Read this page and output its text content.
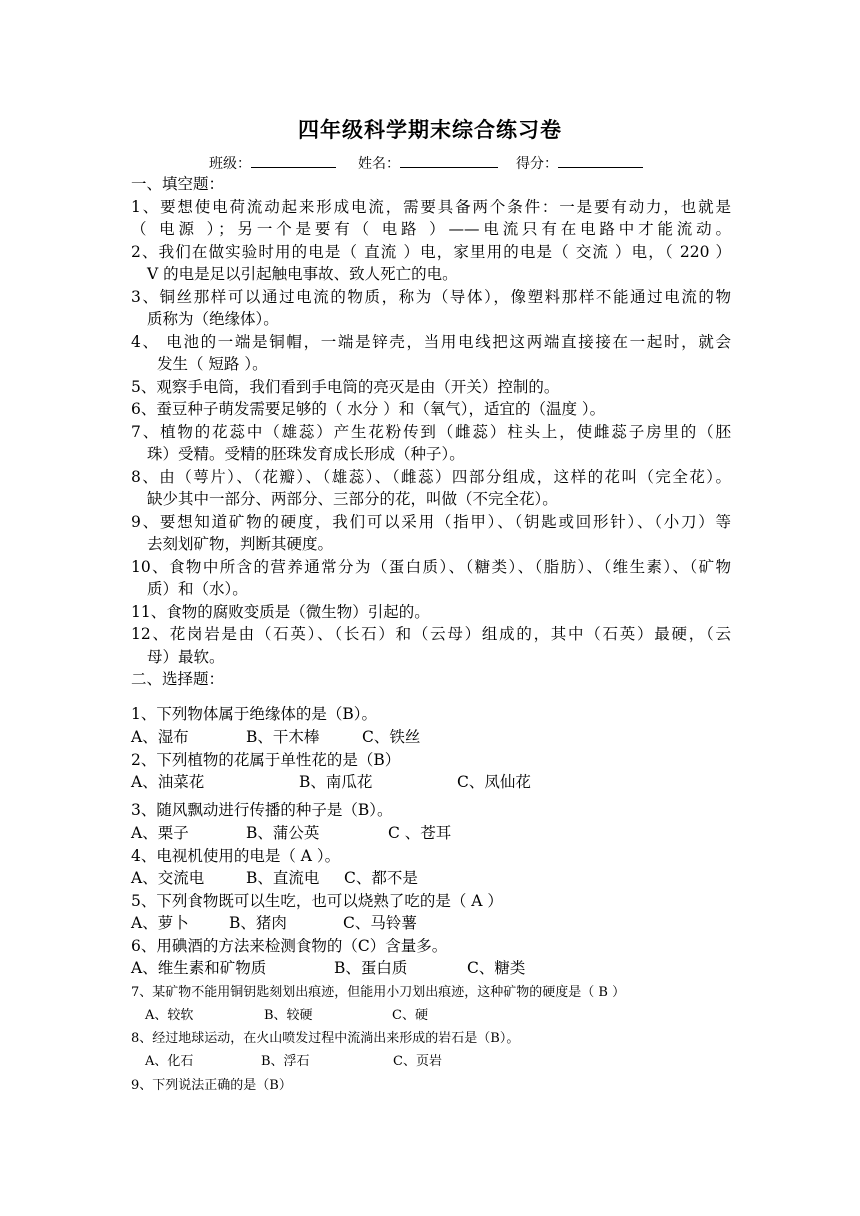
四年级科学期末综合练习卷
班级：	姓名：	得分：
一、填空题：
1、要想使电荷流动起来形成电流，需要具备两个条件：一是要有动力，也就是
（ 电源 ）；另一个是要有（ 电路 ）——电流只有在电路中才能流动。
2、我们在做实验时用的电是（ 直流 ）电，家里用的电是（ 交流 ）电，（ 220 ）
V 的电是足以引起触电事故、致人死亡的电。
3、铜丝那样可以通过电流的物质，称为（导体），像塑料那样不能通过电流的物
质称为（绝缘体）。
4、 电池的一端是铜帽，一端是锌壳，当用电线把这两端直接接在一起时，就会
发生（ 短路 ）。
5、观察手电筒，我们看到手电筒的亮灭是由（开关）控制的。
6、蚕豆种子萌发需要足够的（ 水分 ）和（氧气），适宜的（温度 ）。
7、植物的花蕊中（雄蕊）产生花粉传到（雌蕊）柱头上，使雌蕊子房里的（胚
珠）受精。受精的胚珠发育成长形成（种子）。
8、由（萼片）、（花瓣）、（雄蕊）、（雌蕊）四部分组成，这样的花叫（完全花）。
缺少其中一部分、两部分、三部分的花，叫做（不完全花）。
9、要想知道矿物的硬度，我们可以采用（指甲）、（钥匙或回形针）、（小刀）等
去刻划矿物，判断其硬度。
10、食物中所含的营养通常分为（蛋白质）、（糖类）、（脂肪）、（维生素）、（矿物
质）和（水）。
11、食物的腐败变质是（微生物）引起的。
12、花岗岩是由（石英）、（长石）和（云母）组成的，其中（石英）最硬，（云
母）最软。
二、选择题：
1、下列物体属于绝缘体的是（B）。
A、湿布	B、干木棒	C、铁丝
2、下列植物的花属于单性花的是（B）
A、油菜花	B、南瓜花	C、凤仙花
3、随风飘动进行传播的种子是（B）。
A、栗子	B、蒲公英	C 、苍耳
4、电视机使用的电是（ A ）。
A、交流电	B、直流电 C、都不是
5、下列食物既可以生吃，也可以烧熟了吃的是（ A ）
A、萝卜	B、猪肉	C、马铃薯
6、用碘酒的方法来检测食物的（C）含量多。
A、维生素和矿物质	B、蛋白质	C、糖类
7、某矿物不能用铜钥匙刻划出痕迹，但能用小刀划出痕迹，这种矿物的硬度是（ B ）
A、较软	B、较硬	C、硬
8、经过地球运动，在火山喷发过程中流淌出来形成的岩石是（B）。
A、化石	B、浮石	C、页岩
9、下列说法正确的是（B）
